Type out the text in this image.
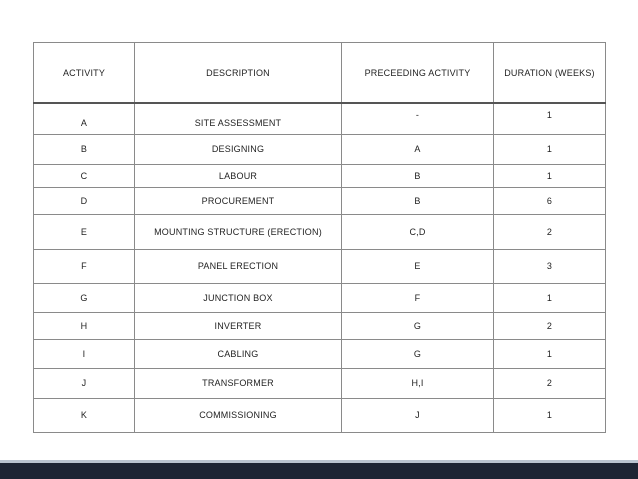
ACTIVITY	DESCRIPTION	PRECEEDING ACTIVITY	DURATION (WEEKS)
A	SITE ASSESSMENT	-	1
B	DESIGNING	A	1
C	LABOUR	B	1
D	PROCUREMENT	B	6
E	MOUNTING STRUCTURE (ERECTION)	C,D	2
F	PANEL ERECTION	E	3
G	JUNCTION BOX	F	1
H	INVERTER	G	2
I	CABLING	G	1
J	TRANSFORMER	H,I	2
K	COMMISSIONING	J	1
